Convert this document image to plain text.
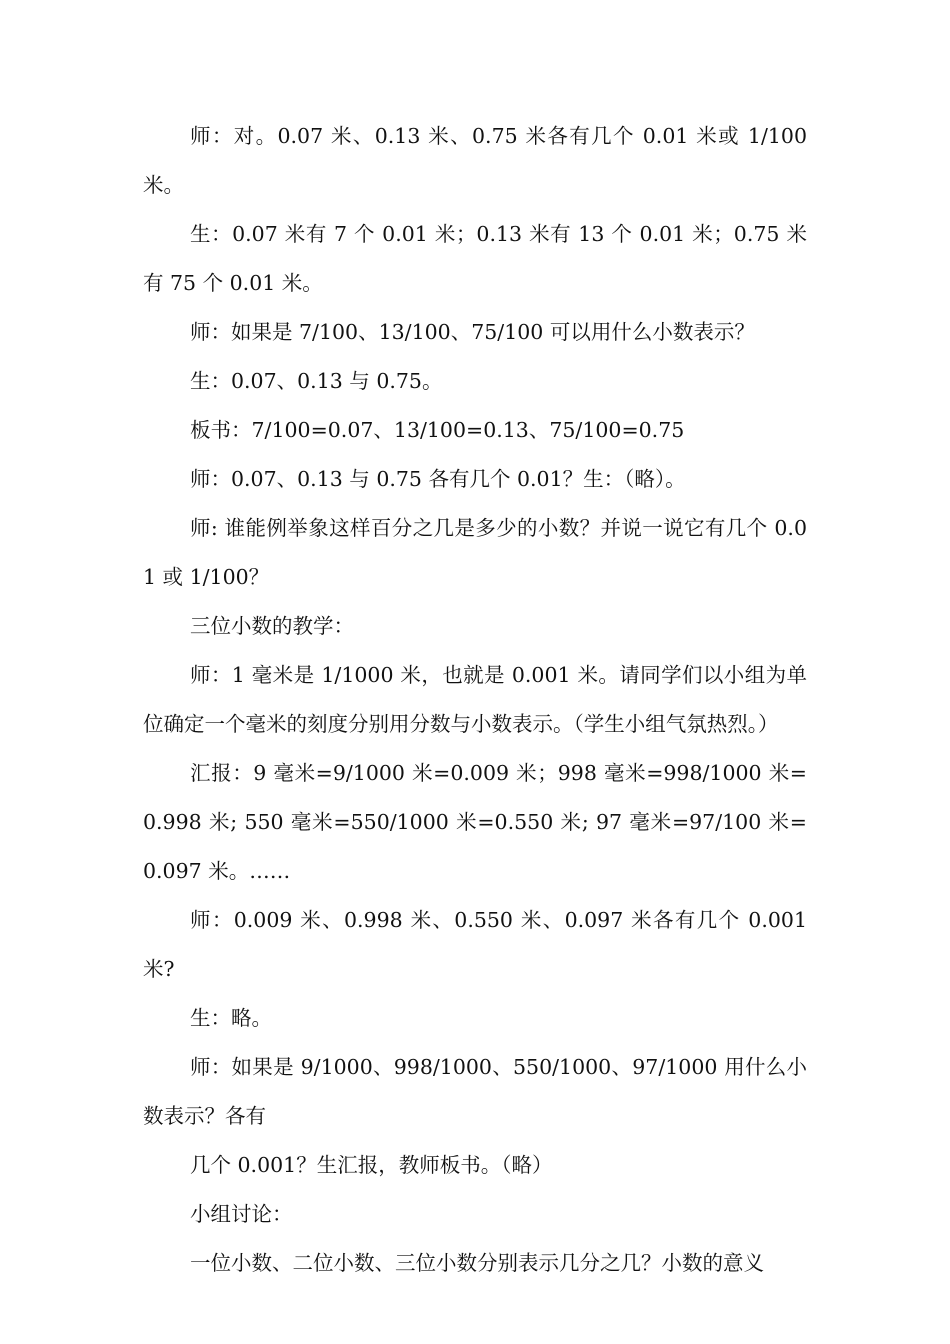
师：对。0.07 米、0.13 米、0.75 米各有几个 0.01 米或 1/100 米。

生：0.07 米有 7 个 0.01 米；0.13 米有 13 个 0.01 米；0.75 米有 75 个 0.01 米。

师：如果是 7/100、13/100、75/100 可以用什么小数表示？

生：0.07、0.13 与 0.75。

板书：7/100=0.07、13/100=0.13、75/100=0.75

师：0.07、0.13 与 0.75 各有几个 0.01？生：（略）。

师: 谁能例举象这样百分之几是多少的小数？并说一说它有几个 0.01 或 1/100？

三位小数的教学：

师：1 毫米是 1/1000 米，也就是 0.001 米。请同学们以小组为单位确定一个毫米的刻度分别用分数与小数表示。（学生小组气氛热烈。）

汇报：9 毫米=9/1000 米=0.009 米；998 毫米=998/1000 米=0.998 米; 550 毫米=550/1000 米=0.550 米; 97 毫米=97/100 米=0.097 米。……

师：0.009 米、0.998 米、0.550 米、0.097 米各有几个 0.001 米?

生：略。

师：如果是 9/1000、998/1000、550/1000、97/1000 用什么小数表示？各有

几个 0.001？生汇报，教师板书。（略）

小组讨论：

一位小数、二位小数、三位小数分别表示几分之几？小数的意义
